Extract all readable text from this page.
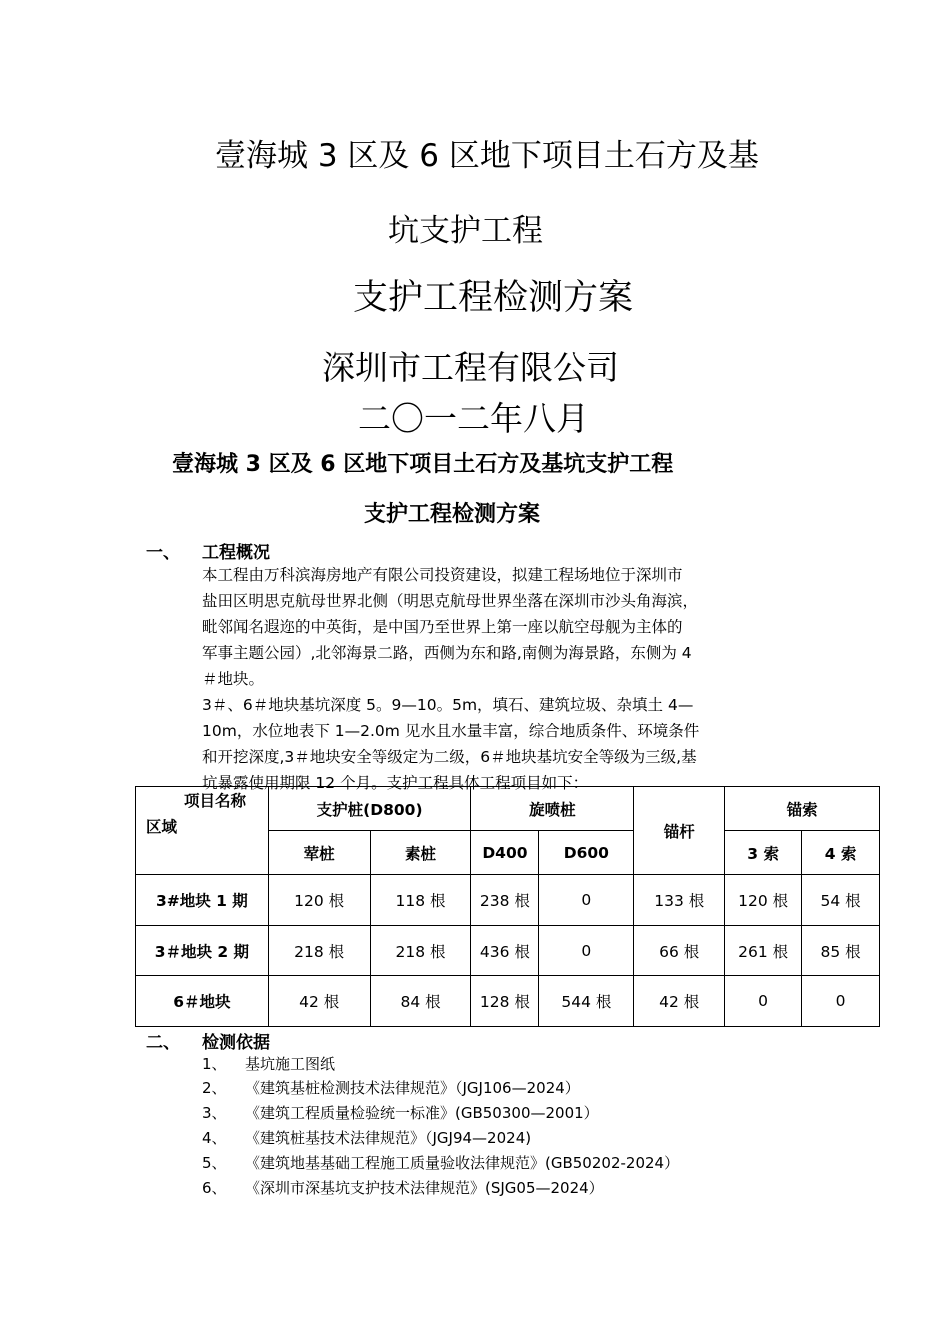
壹海城 3 区及 6 区地下项目土石方及基
坑支护工程
支护工程检测方案
深圳市工程有限公司
二〇一二年八月
壹海城 3 区及 6 区地下项目土石方及基坑支护工程
支护工程检测方案
一、 工程概况
本工程由万科滨海房地产有限公司投资建设，拟建工程场地位于深圳市
盐田区明思克航母世界北侧（明思克航母世界坐落在深圳市沙头角海滨，
毗邻闻名遐迩的中英街，是中国乃至世界上第一座以航空母舰为主体的
军事主题公园）,北邻海景二路，西侧为东和路,南侧为海景路，东侧为 4
＃地块。
3＃、6＃地块基坑深度 5。9—10。5m，填石、建筑垃圾、杂填土 4—
10m，水位地表下 1—2.0m 见水且水量丰富，综合地质条件、环境条件
和开挖深度,3＃地块安全等级定为二级，6＃地块基坑安全等级为三级,基
坑暴露使用期限 12 个月。支护工程具体工程项目如下：
项目名称
区域	支护桩(D800)		旋喷桩		锚杆	锚索	
	荤桩	素桩	D400	D600		3 索	4 索
3#地块 1 期	120 根	118 根	238 根	0	133 根	120 根	54 根
3＃地块 2 期	218 根	218 根	436 根	0	66 根	261 根	85 根
6＃地块	42 根	84 根	128 根	544 根	42 根	0	0
二、 检测依据
1、 基坑施工图纸
2、 《建筑基桩检测技术法律规范》（JGJ106—2024）
3、 《建筑工程质量检验统一标准》(GB50300—2001）
4、 《建筑桩基技术法律规范》（JGJ94—2024)
5、 《建筑地基基础工程施工质量验收法律规范》(GB50202-2024）
6、 《深圳市深基坑支护技术法律规范》(SJG05—2024）
